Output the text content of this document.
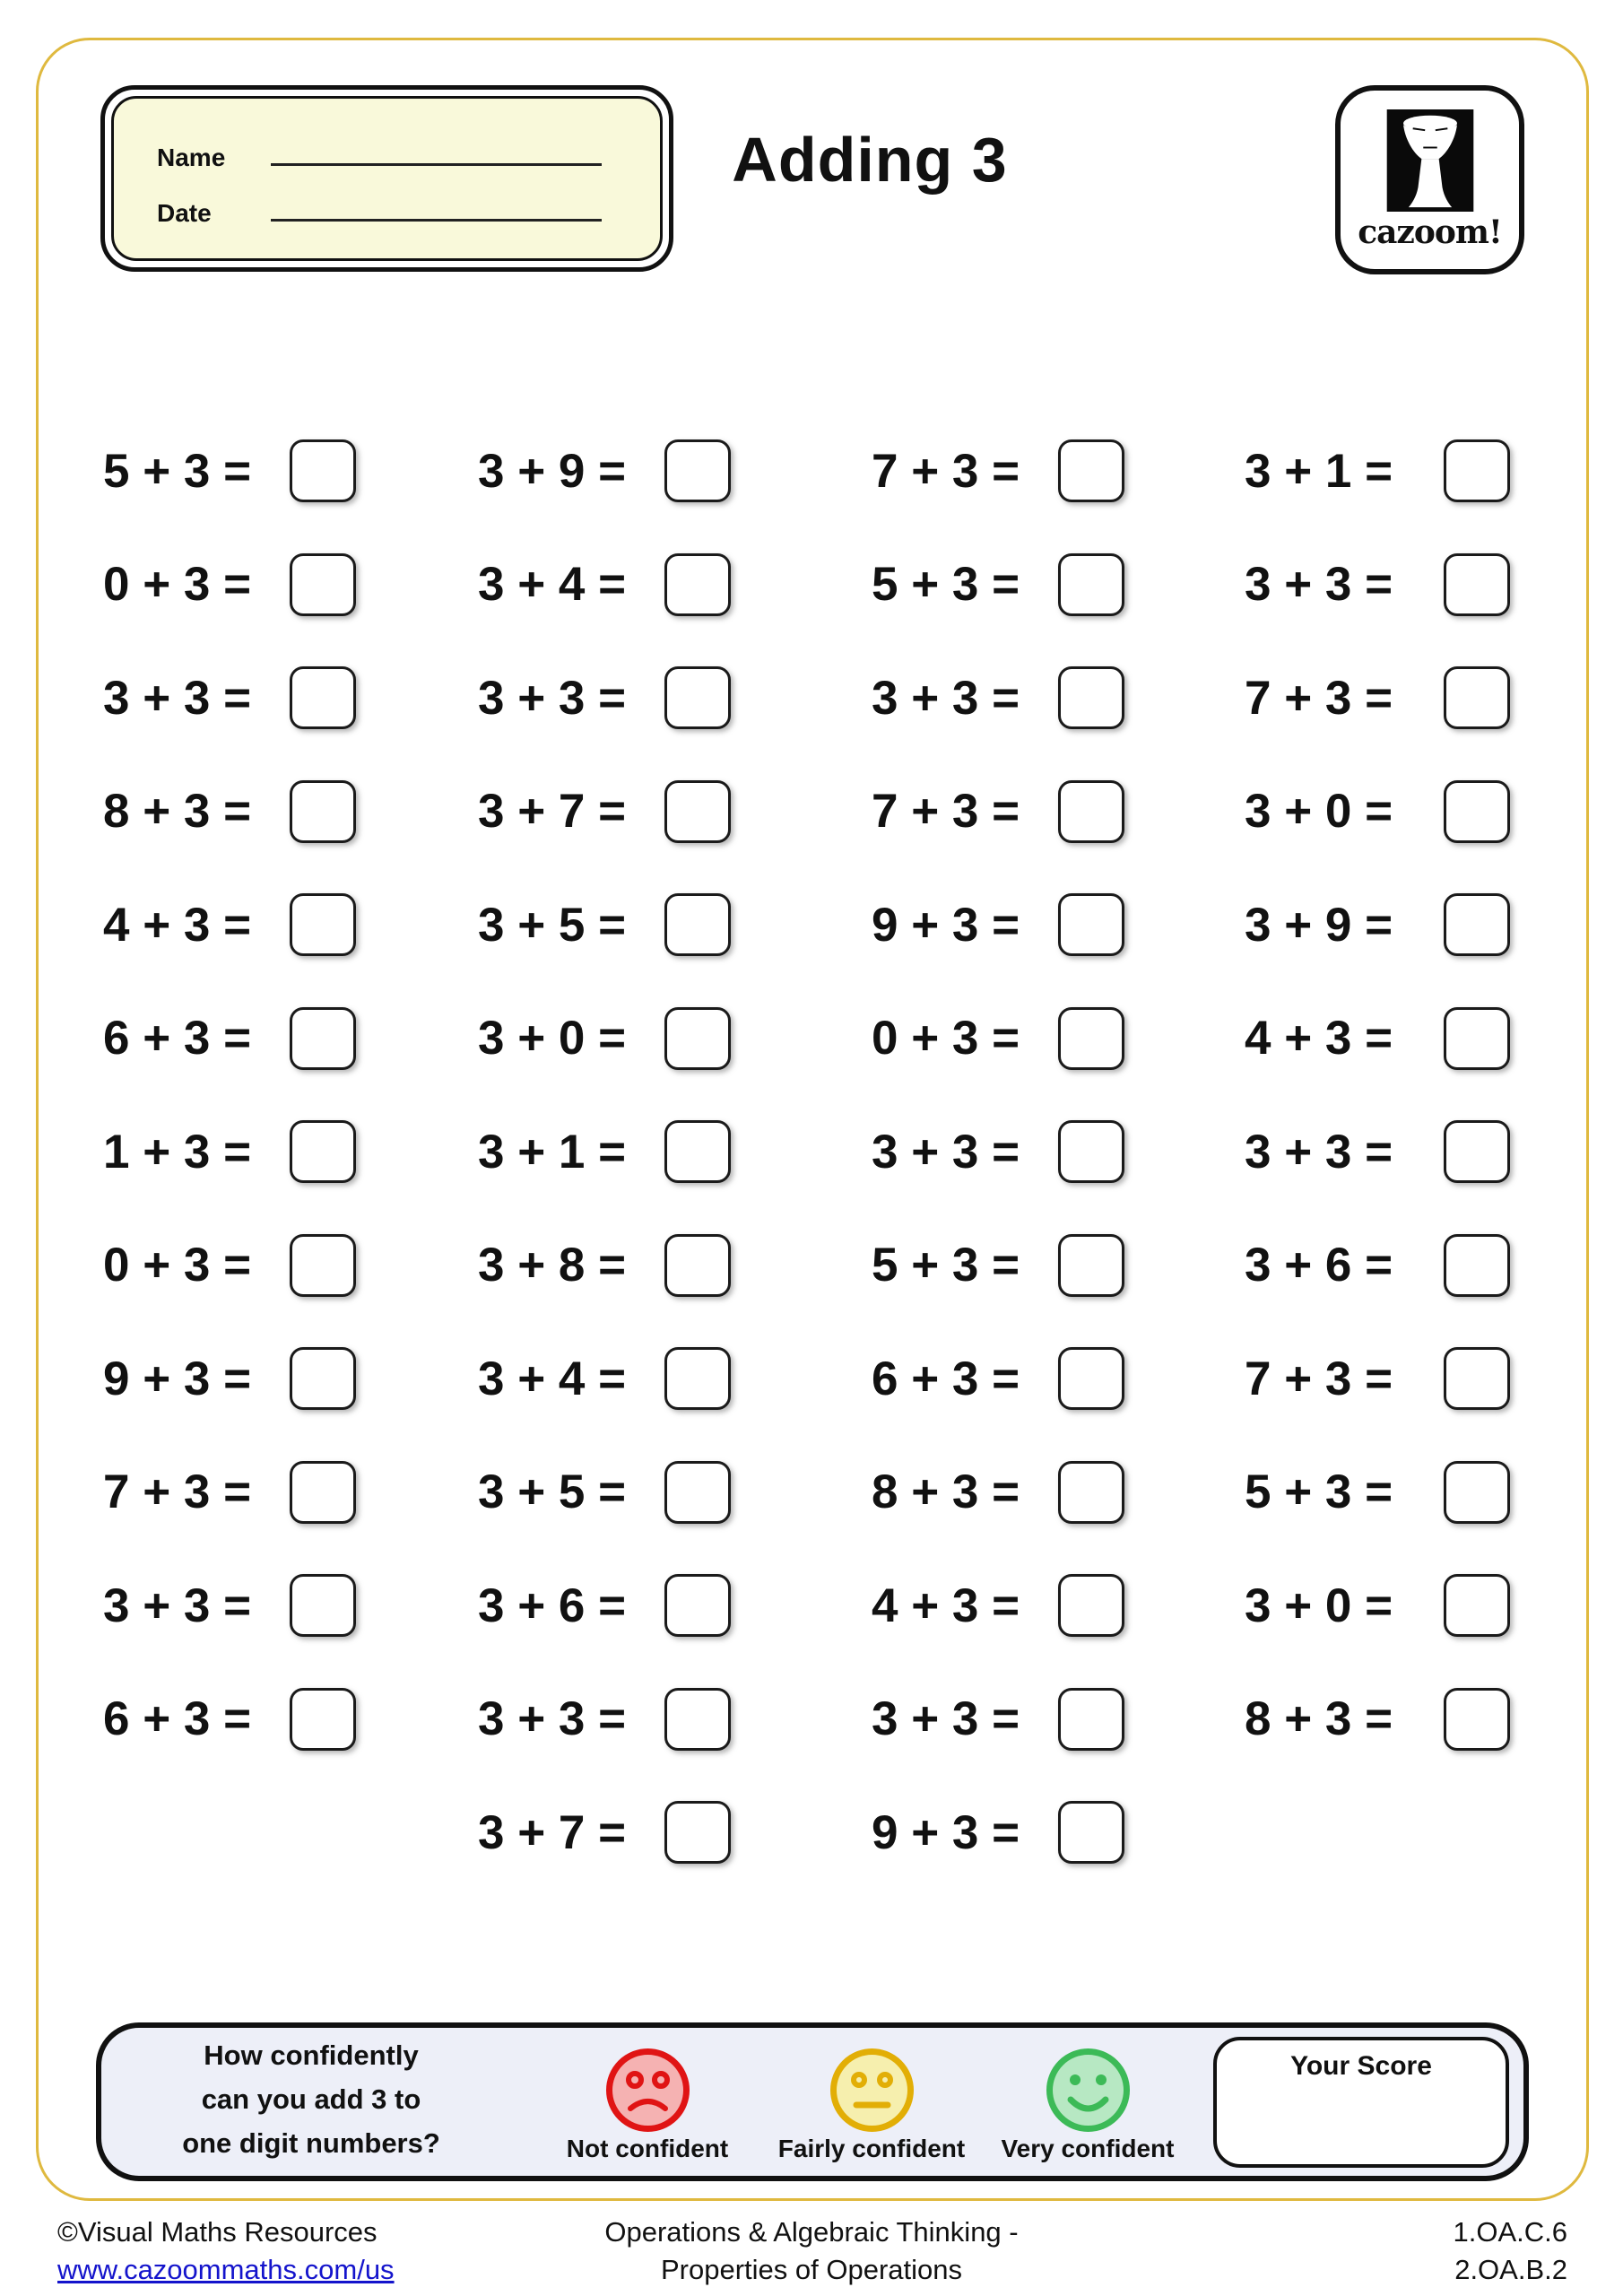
Name
Date
Adding 3
cazoom!
5 + 3 =
0 + 3 =
3 + 3 =
8 + 3 =
4 + 3 =
6 + 3 =
1 + 3 =
0 + 3 =
9 + 3 =
7 + 3 =
3 + 3 =
6 + 3 =
3 + 9 =
3 + 4 =
3 + 3 =
3 + 7 =
3 + 5 =
3 + 0 =
3 + 1 =
3 + 8 =
3 + 4 =
3 + 5 =
3 + 6 =
3 + 3 =
3 + 7 =
7 + 3 =
5 + 3 =
3 + 3 =
7 + 3 =
9 + 3 =
0 + 3 =
3 + 3 =
5 + 3 =
6 + 3 =
8 + 3 =
4 + 3 =
3 + 3 =
9 + 3 =
3 + 1 =
3 + 3 =
7 + 3 =
3 + 0 =
3 + 9 =
4 + 3 =
3 + 3 =
3 + 6 =
7 + 3 =
5 + 3 =
3 + 0 =
8 + 3 =
How confidently
can you add 3 to
one digit numbers?	Not confident	Fairly confident	Very confident
Your Score
©Visual Maths Resources
www.cazoommaths.com/us
Operations & Algebraic Thinking -
Properties of Operations
1.OA.C.6
2.OA.B.2
